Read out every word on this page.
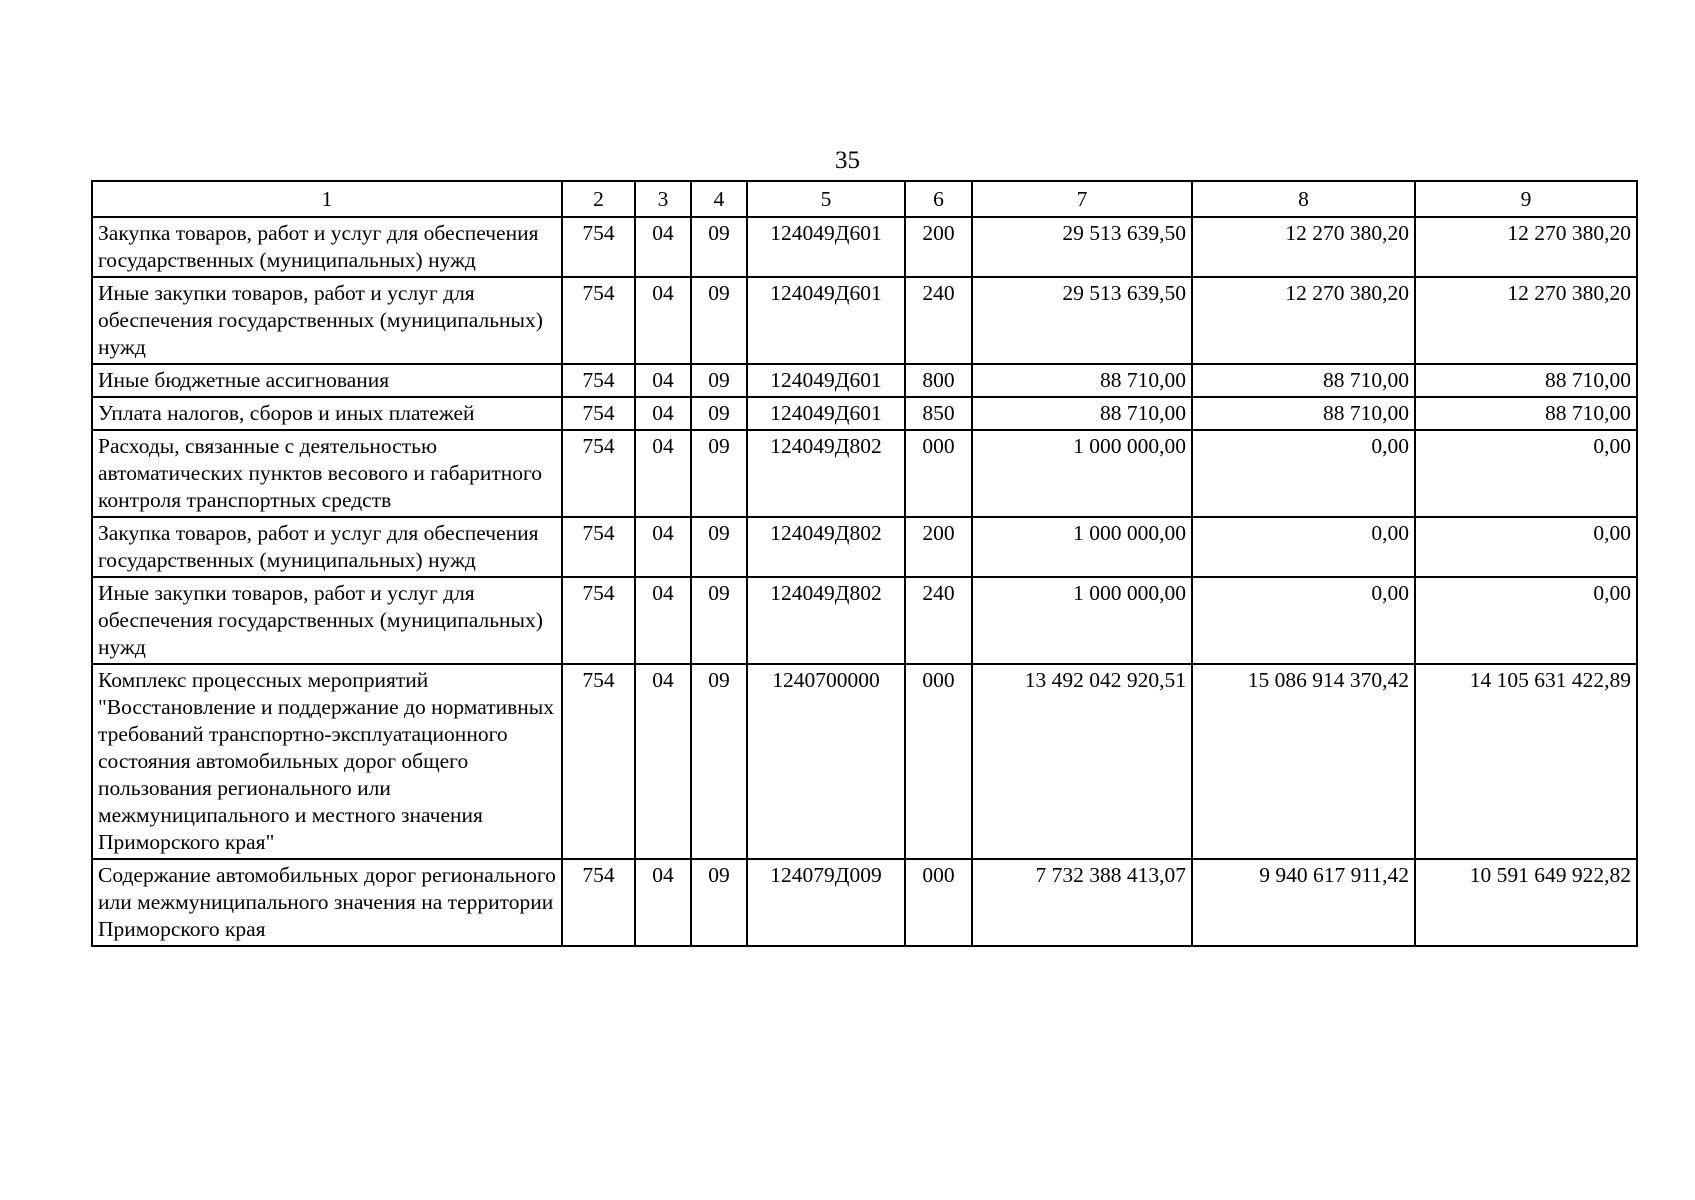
35
1	2	3	4	5	6	7	8	9
Закупка товаров, работ и услуг для обеспечения государственных (муниципальных) нужд	754	04	09	124049Д601	200	29 513 639,50	12 270 380,20	12 270 380,20
Иные закупки товаров, работ и услуг для обеспечения государственных (муниципальных) нужд	754	04	09	124049Д601	240	29 513 639,50	12 270 380,20	12 270 380,20
Иные бюджетные ассигнования	754	04	09	124049Д601	800	88 710,00	88 710,00	88 710,00
Уплата налогов, сборов и иных платежей	754	04	09	124049Д601	850	88 710,00	88 710,00	88 710,00
Расходы, связанные с деятельностью автоматических пунктов весового и габаритного контроля транспортных средств	754	04	09	124049Д802	000	1 000 000,00	0,00	0,00
Закупка товаров, работ и услуг для обеспечения государственных (муниципальных) нужд	754	04	09	124049Д802	200	1 000 000,00	0,00	0,00
Иные закупки товаров, работ и услуг для обеспечения государственных (муниципальных) нужд	754	04	09	124049Д802	240	1 000 000,00	0,00	0,00
Комплекс процессных мероприятий "Восстановление и поддержание до нормативных требований транспортно-эксплуатационного состояния автомобильных дорог общего пользования регионального или межмуниципального и местного значения Приморского края"	754	04	09	1240700000	000	13 492 042 920,51	15 086 914 370,42	14 105 631 422,89
Содержание автомобильных дорог регионального или межмуниципального значения на территории Приморского края	754	04	09	124079Д009	000	7 732 388 413,07	9 940 617 911,42	10 591 649 922,82
